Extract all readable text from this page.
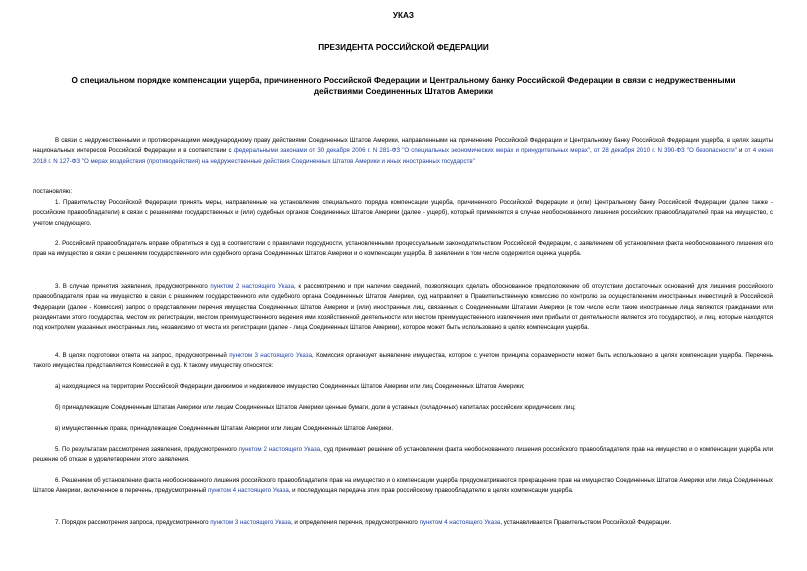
УКАЗ
ПРЕЗИДЕНТА РОССИЙСКОЙ ФЕДЕРАЦИИ
О специальном порядке компенсации ущерба, причиненного Российской Федерации и Центральному банку Российской Федерации в связи с недружественными действиями Соединенных Штатов Америки

В связи с недружественными и противоречащими международному праву действиями Соединенных Штатов Америки, направленными на причинение Российской Федерации и Центральному банку Российской Федерации ущерба, в целях защиты национальных интересов Российской Федерации и в соответствии с федеральными законами от 30 декабря 2006 г. N 281-ФЗ "О специальных экономических мерах и принудительных мерах", от 28 декабря 2010 г. N 390-ФЗ "О безопасности" и от 4 июня 2018 г. N 127-ФЗ "О мерах воздействия (противодействия) на недружественные действия Соединенных Штатов Америки и иных иностранных государств"

постановляю:

1. Правительству Российской Федерации принять меры, направленные на установление специального порядка компенсации ущерба, причиненного Российской Федерации и (или) Центральному банку Российской Федерации (далее также - российские правообладатели) в связи с решениями государственных и (или) судебных органов Соединенных Штатов Америки (далее - ущерб), который применяется в случае необоснованного лишения российских правообладателей прав на имущество, с учетом следующего.

2. Российский правообладатель вправе обратиться в суд в соответствии с правилами подсудности, установленными процессуальным законодательством Российской Федерации, с заявлением об установлении факта необоснованного лишения его прав на имущество в связи с решением государственного или судебного органа Соединенных Штатов Америки и о компенсации ущерба. В заявлении в том числе содержится оценка ущерба.

3. В случае принятия заявления, предусмотренного пунктом 2 настоящего Указа, к рассмотрению и при наличии сведений, позволяющих сделать обоснованное предположение об отсутствии достаточных оснований для лишения российского правообладателя прав на имущество в связи с решением государственного или судебного органа Соединенных Штатов Америки, суд направляет в Правительственную комиссию по контролю за осуществлением иностранных инвестиций в Российской Федерации (далее - Комиссия) запрос о представлении перечня имущества Соединенных Штатов Америки и (или) иностранных лиц, связанных с Соединенными Штатами Америки (в том числе если такие иностранные лица являются гражданами или резидентами этого государства, местом их регистрации, местом преимущественного ведения ими хозяйственной деятельности или местом преимущественного извлечения ими прибыли от деятельности является это государство), и лиц, которые находятся под контролем указанных иностранных лиц, независимо от места их регистрации (далее - лица Соединенных Штатов Америки), которое может быть использовано в целях компенсации ущерба.

4. В целях подготовки ответа на запрос, предусмотренный пунктом 3 настоящего Указа, Комиссия организует выявление имущества, которое с учетом принципа соразмерности может быть использовано в целях компенсации ущерба. Перечень такого имущества представляется Комиссией в суд. К такому имуществу относятся:

а) находящиеся на территории Российской Федерации движимое и недвижимое имущество Соединенных Штатов Америки или лиц Соединенных Штатов Америки;

б) принадлежащие Соединенным Штатам Америки или лицам Соединенных Штатов Америки ценные бумаги, доли в уставных (складочных) капиталах российских юридических лиц;

в) имущественные права, принадлежащие Соединенным Штатам Америки или лицам Соединенных Штатов Америки.

5. По результатам рассмотрения заявления, предусмотренного пунктом 2 настоящего Указа, суд принимает решение об установлении факта необоснованного лишения российского правообладателя прав на имущество и о компенсации ущерба или решение об отказе в удовлетворении этого заявления.

6. Решением об установлении факта необоснованного лишения российского правообладателя прав на имущество и о компенсации ущерба предусматриваются прекращение прав на имущество Соединенных Штатов Америки или лица Соединенных Штатов Америки, включенное в перечень, предусмотренный пунктом 4 настоящего Указа, и последующая передача этих прав российскому правообладателю в целях компенсации ущерба.

7. Порядок рассмотрения запроса, предусмотренного пунктом 3 настоящего Указа, и определения перечня, предусмотренного пунктом 4 настоящего Указа, устанавливается Правительством Российской Федерации.
